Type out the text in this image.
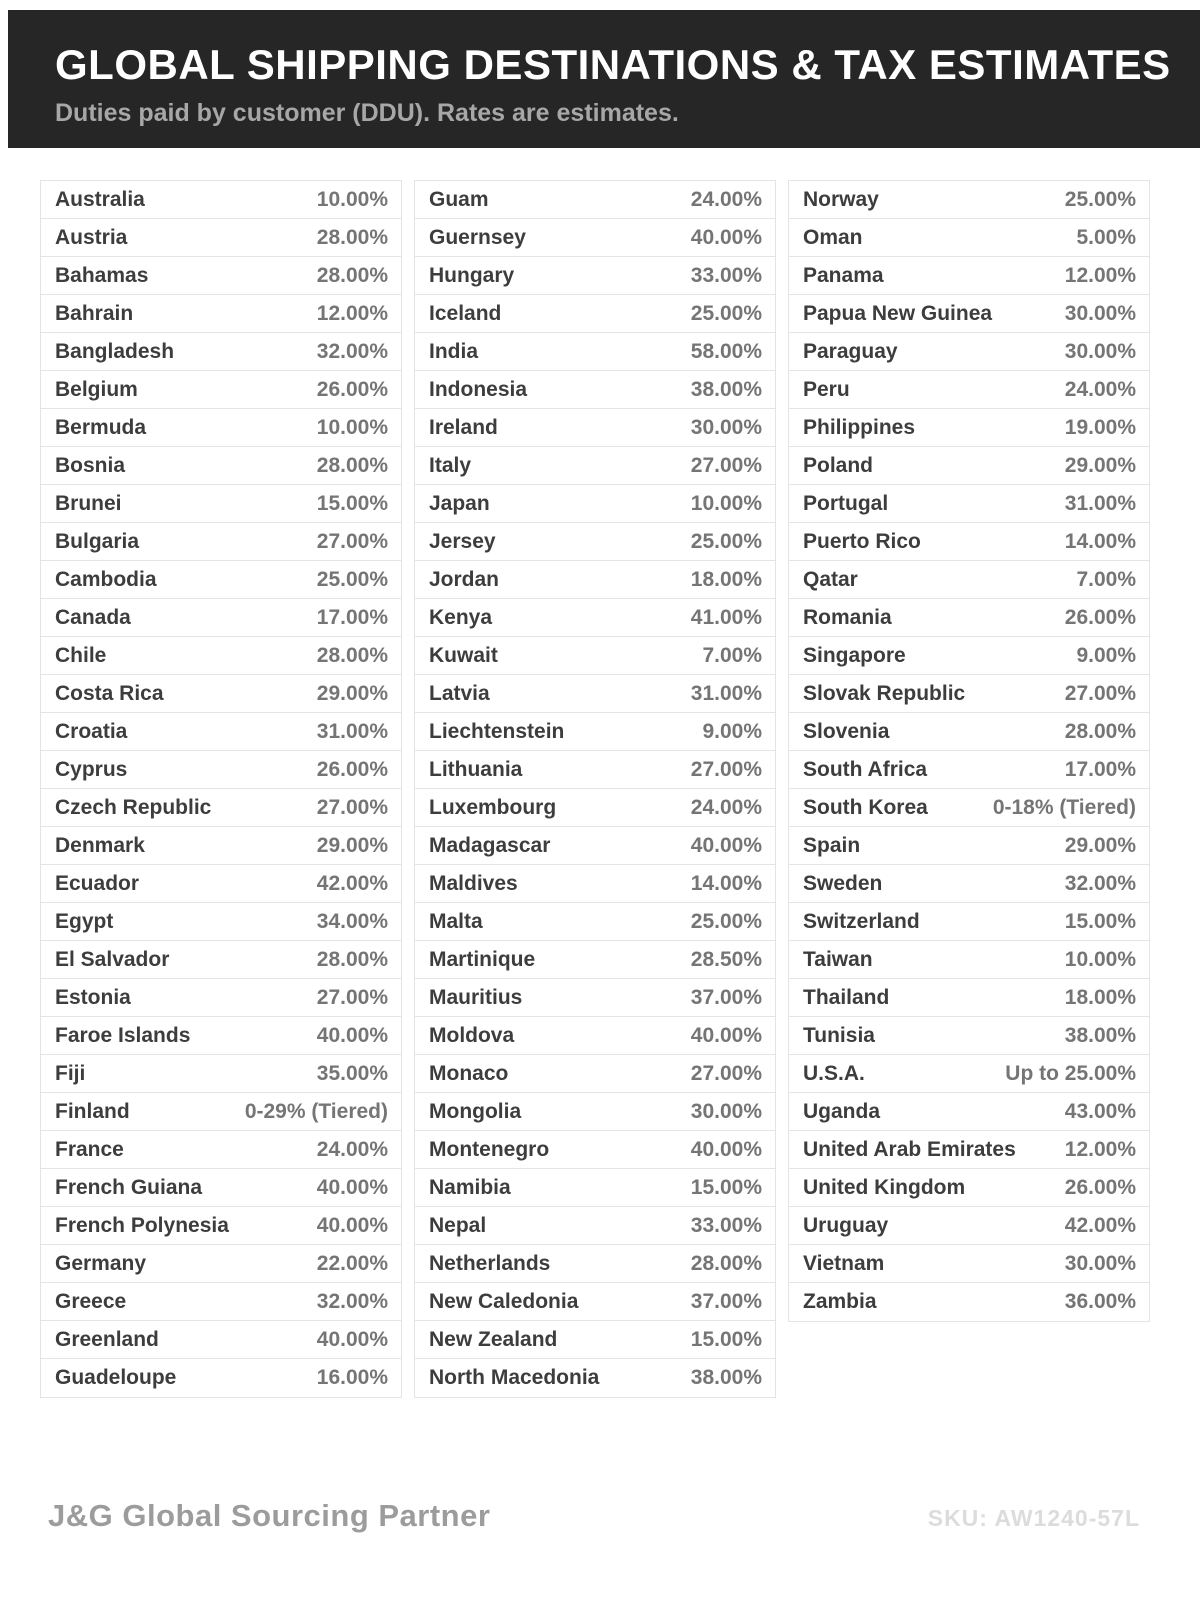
GLOBAL SHIPPING DESTINATIONS & TAX ESTIMATES
Duties paid by customer (DDU). Rates are estimates.
Australia	10.00%
Austria	28.00%
Bahamas	28.00%
Bahrain	12.00%
Bangladesh	32.00%
Belgium	26.00%
Bermuda	10.00%
Bosnia	28.00%
Brunei	15.00%
Bulgaria	27.00%
Cambodia	25.00%
Canada	17.00%
Chile	28.00%
Costa Rica	29.00%
Croatia	31.00%
Cyprus	26.00%
Czech Republic	27.00%
Denmark	29.00%
Ecuador	42.00%
Egypt	34.00%
El Salvador	28.00%
Estonia	27.00%
Faroe Islands	40.00%
Fiji	35.00%
Finland	0-29% (Tiered)
France	24.00%
French Guiana	40.00%
French Polynesia	40.00%
Germany	22.00%
Greece	32.00%
Greenland	40.00%
Guadeloupe	16.00%
Guam	24.00%
Guernsey	40.00%
Hungary	33.00%
Iceland	25.00%
India	58.00%
Indonesia	38.00%
Ireland	30.00%
Italy	27.00%
Japan	10.00%
Jersey	25.00%
Jordan	18.00%
Kenya	41.00%
Kuwait	7.00%
Latvia	31.00%
Liechtenstein	9.00%
Lithuania	27.00%
Luxembourg	24.00%
Madagascar	40.00%
Maldives	14.00%
Malta	25.00%
Martinique	28.50%
Mauritius	37.00%
Moldova	40.00%
Monaco	27.00%
Mongolia	30.00%
Montenegro	40.00%
Namibia	15.00%
Nepal	33.00%
Netherlands	28.00%
New Caledonia	37.00%
New Zealand	15.00%
North Macedonia	38.00%
Norway	25.00%
Oman	5.00%
Panama	12.00%
Papua New Guinea	30.00%
Paraguay	30.00%
Peru	24.00%
Philippines	19.00%
Poland	29.00%
Portugal	31.00%
Puerto Rico	14.00%
Qatar	7.00%
Romania	26.00%
Singapore	9.00%
Slovak Republic	27.00%
Slovenia	28.00%
South Africa	17.00%
South Korea	0-18% (Tiered)
Spain	29.00%
Sweden	32.00%
Switzerland	15.00%
Taiwan	10.00%
Thailand	18.00%
Tunisia	38.00%
U.S.A.	Up to 25.00%
Uganda	43.00%
United Arab Emirates 12.00%
United Kingdom	26.00%
Uruguay	42.00%
Vietnam	30.00%
Zambia	36.00%
J&G Global Sourcing Partner	SKU: AW1240-57L
